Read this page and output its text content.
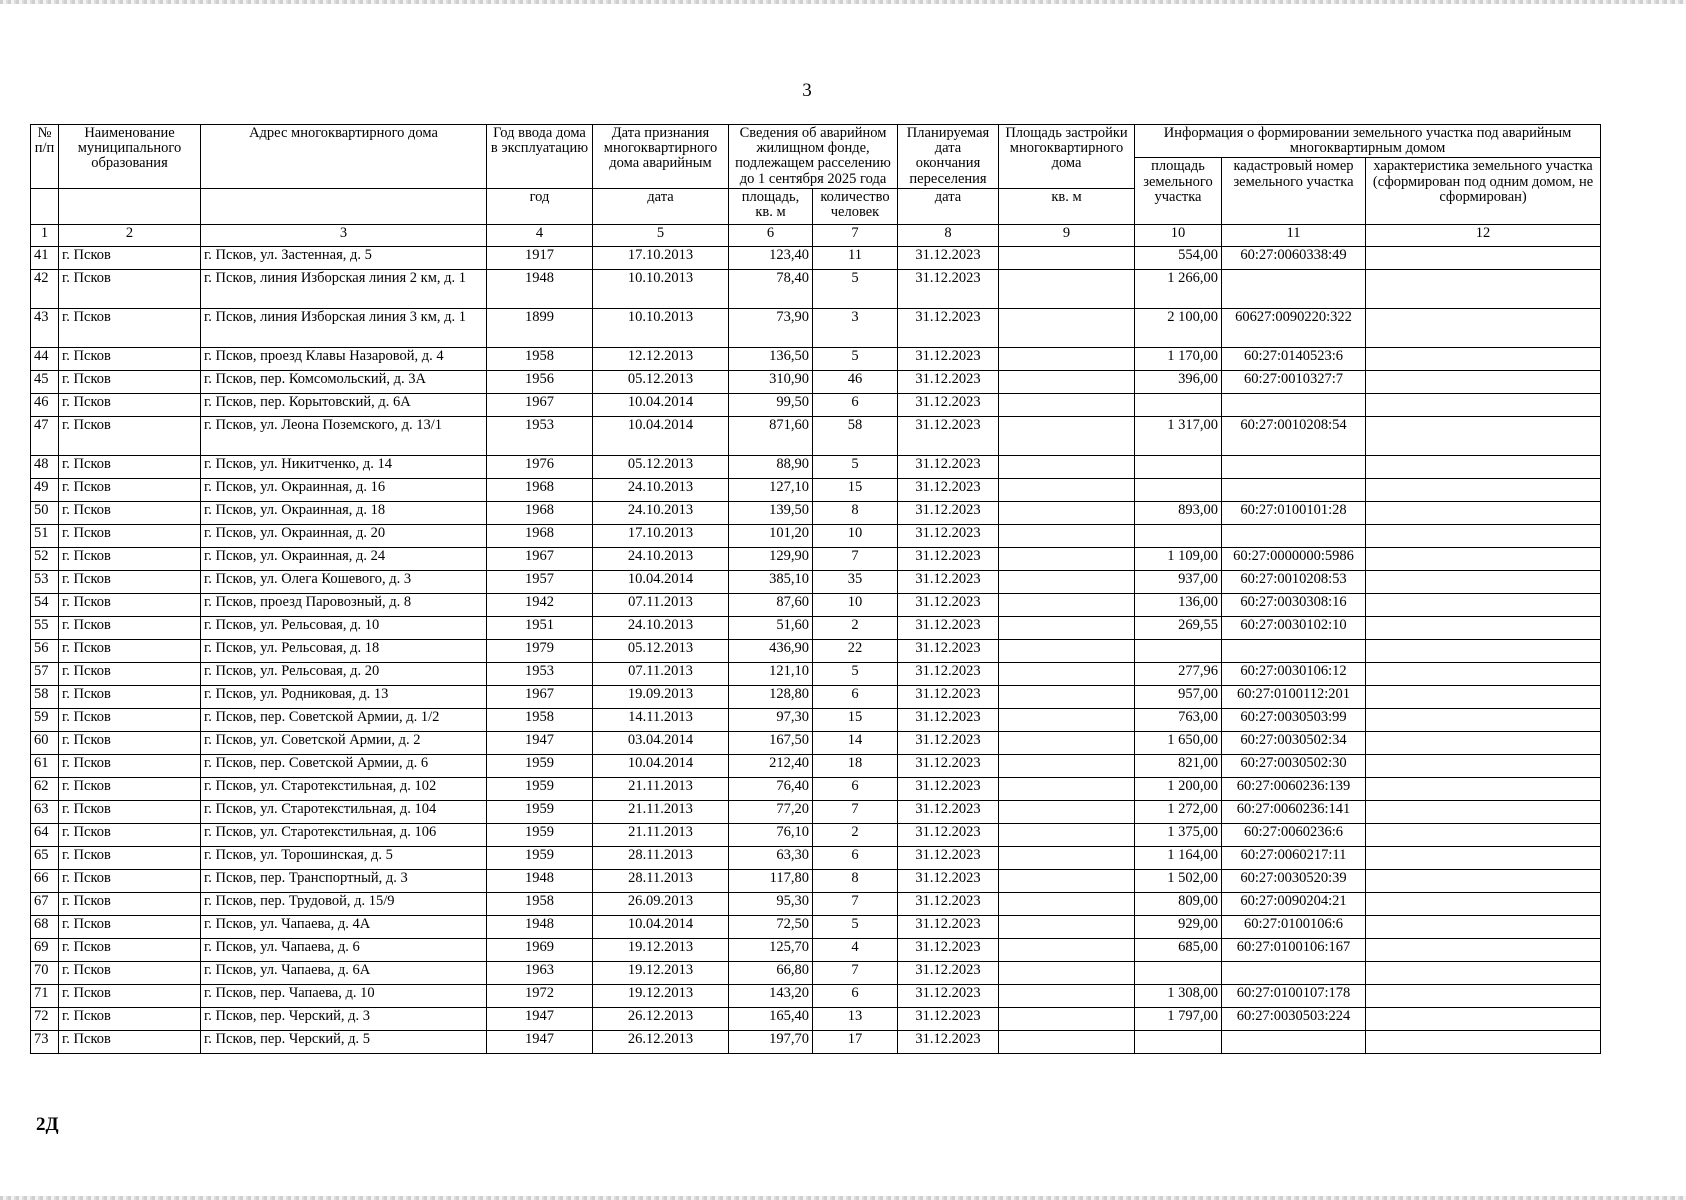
3
№ п/п	Наименование муниципального образования	Адрес многоквартирного дома	Год ввода дома в эксплуатацию	Дата признания многоквартирного дома аварийным	Сведения об аварийном жилищном фонде, подлежащем расселению до 1 сентября 2025 года		Планируемая дата окончания переселения	Площадь застройки многоквартирного дома	Информация о формировании земельного участка под аварийным многоквартирным домом		
									площадь земельного участка	кадастровый номер земельного участка	характеристика земельного участка (сформирован под одним домом, не сформирован)
			год	дата	площадь, кв. м	количество человек	дата	кв. м			
1	2	3	4	5	6	7	8	9	10	11	12
41	г. Псков	г. Псков, ул. Застенная, д. 5	1917	17.10.2013	123,40	11	31.12.2023		554,00	60:27:0060338:49	
42	г. Псков	г. Псков, линия Изборская линия 2 км, д. 1	1948	10.10.2013	78,40	5	31.12.2023		1 266,00		
43	г. Псков	г. Псков, линия Изборская линия 3 км, д. 1	1899	10.10.2013	73,90	3	31.12.2023		2 100,00	60627:0090220:322	
44	г. Псков	г. Псков, проезд Клавы Назаровой, д. 4	1958	12.12.2013	136,50	5	31.12.2023		1 170,00	60:27:0140523:6	
45	г. Псков	г. Псков, пер. Комсомольский, д. 3А	1956	05.12.2013	310,90	46	31.12.2023		396,00	60:27:0010327:7	
46	г. Псков	г. Псков, пер. Корытовский, д. 6А	1967	10.04.2014	99,50	6	31.12.2023				
47	г. Псков	г. Псков, ул. Леона Поземского, д. 13/1	1953	10.04.2014	871,60	58	31.12.2023		1 317,00	60:27:0010208:54	
48	г. Псков	г. Псков, ул. Никитченко, д. 14	1976	05.12.2013	88,90	5	31.12.2023				
49	г. Псков	г. Псков, ул. Окраинная, д. 16	1968	24.10.2013	127,10	15	31.12.2023				
50	г. Псков	г. Псков, ул. Окраинная, д. 18	1968	24.10.2013	139,50	8	31.12.2023		893,00	60:27:0100101:28	
51	г. Псков	г. Псков, ул. Окраинная, д. 20	1968	17.10.2013	101,20	10	31.12.2023				
52	г. Псков	г. Псков, ул. Окраинная, д. 24	1967	24.10.2013	129,90	7	31.12.2023		1 109,00	60:27:0000000:5986	
53	г. Псков	г. Псков, ул. Олега Кошевого, д. 3	1957	10.04.2014	385,10	35	31.12.2023		937,00	60:27:0010208:53	
54	г. Псков	г. Псков, проезд Паровозный, д. 8	1942	07.11.2013	87,60	10	31.12.2023		136,00	60:27:0030308:16	
55	г. Псков	г. Псков, ул. Рельсовая, д. 10	1951	24.10.2013	51,60	2	31.12.2023		269,55	60:27:0030102:10	
56	г. Псков	г. Псков, ул. Рельсовая, д. 18	1979	05.12.2013	436,90	22	31.12.2023				
57	г. Псков	г. Псков, ул. Рельсовая, д. 20	1953	07.11.2013	121,10	5	31.12.2023		277,96	60:27:0030106:12	
58	г. Псков	г. Псков, ул. Родниковая, д. 13	1967	19.09.2013	128,80	6	31.12.2023		957,00	60:27:0100112:201	
59	г. Псков	г. Псков, пер. Советской Армии, д. 1/2	1958	14.11.2013	97,30	15	31.12.2023		763,00	60:27:0030503:99	
60	г. Псков	г. Псков, ул. Советской Армии, д. 2	1947	03.04.2014	167,50	14	31.12.2023		1 650,00	60:27:0030502:34	
61	г. Псков	г. Псков, пер. Советской Армии, д. 6	1959	10.04.2014	212,40	18	31.12.2023		821,00	60:27:0030502:30	
62	г. Псков	г. Псков, ул. Старотекстильная, д. 102	1959	21.11.2013	76,40	6	31.12.2023		1 200,00	60:27:0060236:139	
63	г. Псков	г. Псков, ул. Старотекстильная, д. 104	1959	21.11.2013	77,20	7	31.12.2023		1 272,00	60:27:0060236:141	
64	г. Псков	г. Псков, ул. Старотекстильная, д. 106	1959	21.11.2013	76,10	2	31.12.2023		1 375,00	60:27:0060236:6	
65	г. Псков	г. Псков, ул. Торошинская, д. 5	1959	28.11.2013	63,30	6	31.12.2023		1 164,00	60:27:0060217:11	
66	г. Псков	г. Псков, пер. Транспортный, д. 3	1948	28.11.2013	117,80	8	31.12.2023		1 502,00	60:27:0030520:39	
67	г. Псков	г. Псков, пер. Трудовой, д. 15/9	1958	26.09.2013	95,30	7	31.12.2023		809,00	60:27:0090204:21	
68	г. Псков	г. Псков, ул. Чапаева, д. 4А	1948	10.04.2014	72,50	5	31.12.2023		929,00	60:27:0100106:6	
69	г. Псков	г. Псков, ул. Чапаева, д. 6	1969	19.12.2013	125,70	4	31.12.2023		685,00	60:27:0100106:167	
70	г. Псков	г. Псков, ул. Чапаева, д. 6А	1963	19.12.2013	66,80	7	31.12.2023				
71	г. Псков	г. Псков, пер. Чапаева, д. 10	1972	19.12.2013	143,20	6	31.12.2023		1 308,00	60:27:0100107:178	
72	г. Псков	г. Псков, пер. Черский, д. 3	1947	26.12.2013	165,40	13	31.12.2023		1 797,00	60:27:0030503:224	
73	г. Псков	г. Псков, пер. Черский, д. 5	1947	26.12.2013	197,70	17	31.12.2023				
2Д
